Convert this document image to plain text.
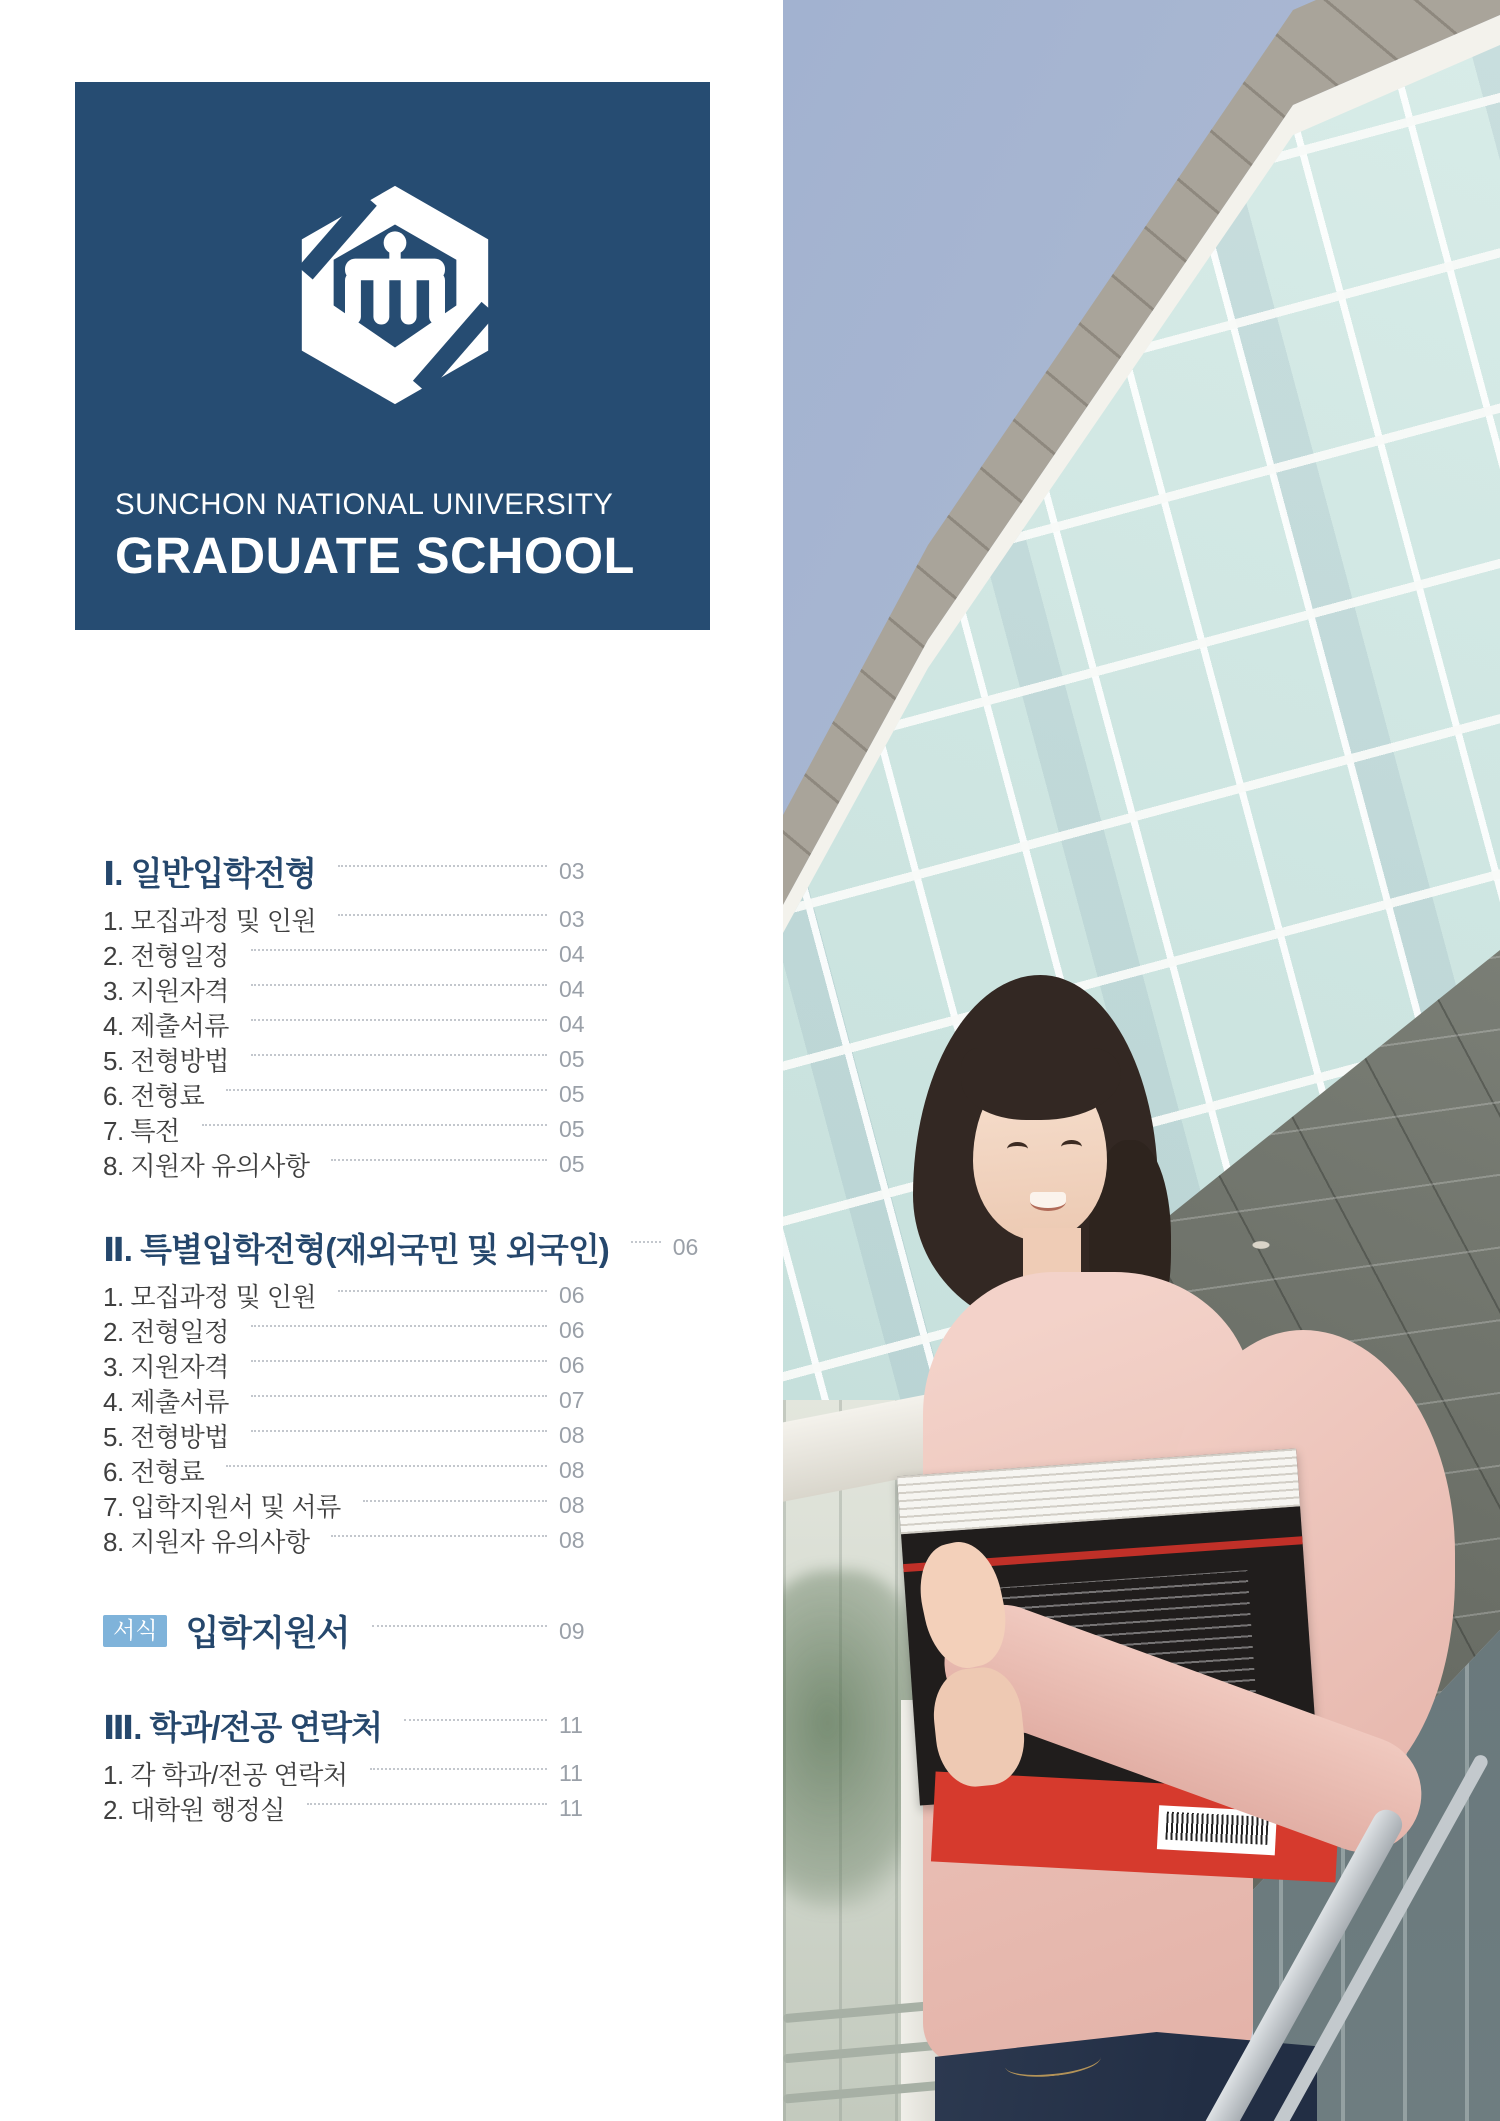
SUNCHON NATIONAL UNIVERSITY
GRADUATE SCHOOL
Ⅰ. 일반입학전형	03
1. 모집과정 및 인원	03
2. 전형일정	04
3. 지원자격	04
4. 제출서류	04
5. 전형방법	05
6. 전형료	05
7. 특전	05
8. 지원자 유의사항	05
Ⅱ. 특별입학전형(재외국민 및 외국인)	06
1. 모집과정 및 인원	06
2. 전형일정	06
3. 지원자격	06
4. 제출서류	07
5. 전형방법	08
6. 전형료	08
7. 입학지원서 및 서류	08
8. 지원자 유의사항	08
서식 입학지원서	09
Ⅲ. 학과/전공 연락처	11
1. 각 학과/전공 연락처	11
2. 대학원 행정실	11
